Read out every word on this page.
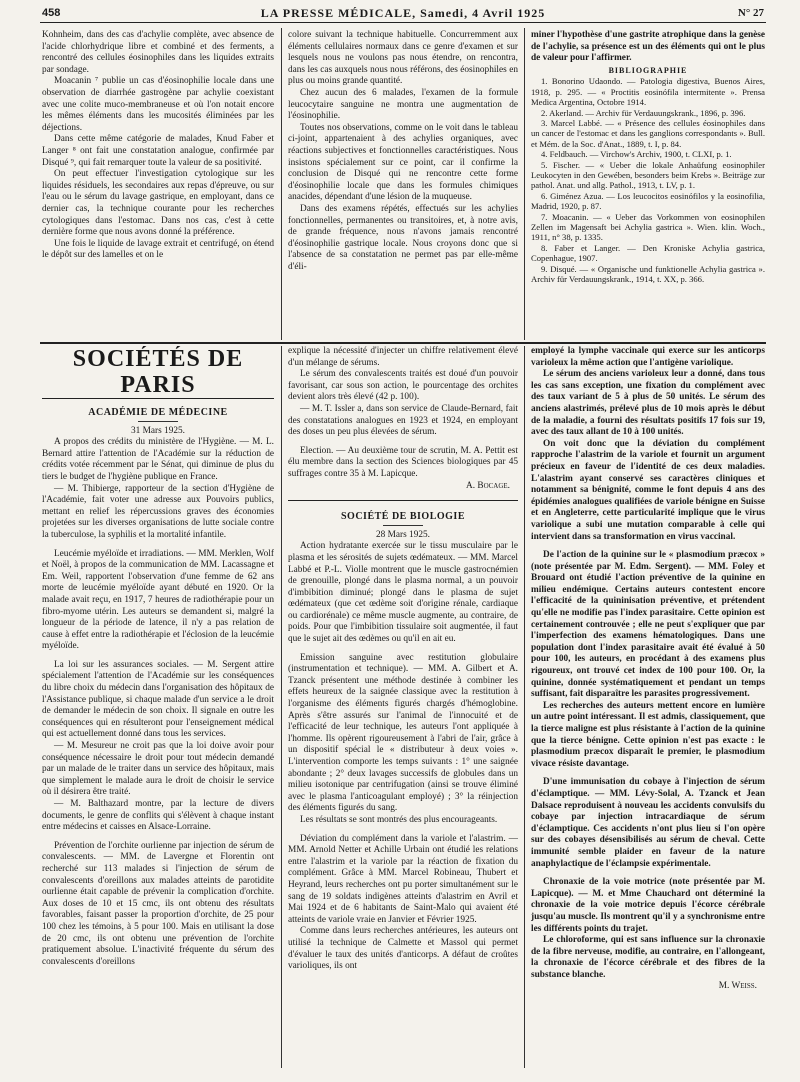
458	LA PRESSE MÉDICALE, Samedi, 4 Avril 1925	N° 27

Kohnheim, dans des cas d'achylie complète, avec absence de l'acide chlorhydrique libre et combiné et des ferments, a rencontré des cellules éosinophiles dans les liquides extraits par sondage.

Moacanin ⁷ publie un cas d'éosinophilie locale dans une observation de diarrhée gastrogène par achylie coexistant avec une colite muco-membraneuse et où l'on notait encore les mêmes éléments dans les mucosités éliminées par les déjections.

Dans cette même catégorie de malades, Knud Faber et Langer ⁸ ont fait une constatation analogue, confirmée par Disqué ⁹, qui fait remarquer toute la valeur de sa positivité.

On peut effectuer l'investigation cytologique sur les liquides résiduels, les secondaires aux repas d'épreuve, ou sur l'eau ou le sérum du lavage gastrique, en employant, dans ce dernier cas, la technique courante pour les recherches cytologiques dans l'estomac. Dans nos cas, c'est à cette dernière forme que nous avons donné la préférence.

Une fois le liquide de lavage extrait et centrifugé, on étend le dépôt sur des lamelles et on le

colore suivant la technique habituelle. Concurremment aux éléments cellulaires normaux dans ce genre d'examen et sur lesquels nous ne voulons pas nous étendre, on rencontra, dans les cas auxquels nous nous référons, des éosinophiles en plus ou moins grande quantité.

Chez aucun des 6 malades, l'examen de la formule leucocytaire sanguine ne montra une augmentation de l'éosinophilie.

Toutes nos observations, comme on le voit dans le tableau ci-joint, appartenaient à des achylies organiques, avec réactions subjectives et fonctionnelles caractéristiques. Nous insistons spécialement sur ce point, car il confirme la conclusion de Disqué qui ne rencontre cette forme d'éosinophilie locale que dans les formules chimiques anacides, dépendant d'une lésion de la muqueuse.

Dans des examens répétés, effectués sur les achylies fonctionnelles, permanentes ou transitoires, et, à notre avis, de grande fréquence, nous n'avons jamais rencontré d'éosinophilie gastrique locale. Nous croyons donc que si l'absence de sa constatation ne permet pas par elle-même d'éli-

miner l'hypothèse d'une gastrite atrophique dans la genèse de l'achylie, sa présence est un des éléments qui ont le plus de valeur pour l'affirmer.

BIBLIOGRAPHIE

1. Bonorino Udaondo. — Patologia digestiva, Buenos Aires, 1918, p. 295. — « Proctitis eosinófila intermitente ». Prensa Medica Argentina, Octobre 1914.

2. Akerland. — Archiv für Verdauungskrank., 1896, p. 396.

3. Marcel Labbé. — « Présence des cellules éosinophiles dans un cancer de l'estomac et dans les ganglions correspondants ». Bull. et Mém. de la Soc. d'Anat., 1889, t. I, p. 84.

4. Feldbauch. — Virchow's Archiv, 1900, t. CLXI, p. 1.

5. Fischer. — « Ueber die lokale Anhaüfung eosinophiler Leukocyten in den Gewében, besonders beim Krebs ». Beiträge zur pathol. Anat. und allg. Pathol., 1913, t. LV, p. 1.

6. Giménez Azua. — Los leucocitos eosinófilos y la eosinofilia, Madrid, 1920, p. 87.

7. Moacanin. — « Ueber das Vorkommen von eosinophilen Zellen im Magensaft bei Achylia gastrica ». Wien. klin. Woch., 1911, n° 38, p. 1335.

8. Faber et Langer. — Den Kroniske Achylia gastrica, Copenhague, 1907.

9. Disqué. — « Organische und funktionelle Achylia gastrica ». Archiv für Verdauungskrank., 1914, t. XX, p. 366.

SOCIÉTÉS DE PARIS

ACADÉMIE DE MÉDECINE

31 Mars 1925.

A propos des crédits du ministère de l'Hygiène. — M. L. Bernard attire l'attention de l'Académie sur la réduction de crédits votée récemment par le Sénat, qui diminue de plus du tiers le budget de l'hygiène publique en France.

— M. Thibierge, rapporteur de la section d'Hygiène de l'Académie, fait voter une adresse aux Pouvoirs publics, mettant en relief les répercussions graves des économies projetées sur les diverses organisations de lutte sociale contre la tuberculose, la syphilis et la mortalité infantile.

Leucémie myéloïde et irradiations. — MM. Merklen, Wolf et Noël, à propos de la communication de MM. Lacassagne et Em. Weil, rapportent l'observation d'une femme de 62 ans morte de leucémie myéloïde ayant débuté en 1920. Or la malade avait reçu, en 1917, 7 heures de radiothérapie pour un fibro-myome utérin. Les auteurs se demandent si, malgré la longueur de la période de latence, il n'y a pas relation de cause à effet entre la radiothérapie et l'éclosion de la leucémie myéloïde.

La loi sur les assurances sociales. — M. Sergent attire spécialement l'attention de l'Académie sur les conséquences du libre choix du médecin dans l'organisation des hôpitaux de l'Assistance publique, si chaque malade d'un service a le droit de demander le médecin de son choix. Il signale en outre les conséquences qui en résulteront pour l'enseignement médical qui est actuellement donné dans tous les services.

— M. Mesureur ne croit pas que la loi doive avoir pour conséquence nécessaire le droit pour tout médecin demandé par un malade de le traiter dans un service des hôpitaux, mais que simplement le malade aura le droit de choisir le service où il désirera être traité.

— M. Balthazard montre, par la lecture de divers documents, le genre de conflits qui s'élèvent à chaque instant entre médecins et caisses en Alsace-Lorraine.

Prévention de l'orchite ourlienne par injection de sérum de convalescents. — MM. de Lavergne et Florentin ont recherché sur 113 malades si l'injection de sérum de convalescents d'oreillons aux malades atteints de parotidite ourlienne était capable de prévenir la complication d'orchite. Aux doses de 10 et 15 cmc, ils ont obtenu des résultats favorables, faisant passer la proportion d'orchite, de 25 pour 100 chez les témoins, à 5 pour 100. Mais en utilisant la dose de 20 cmc, ils ont obtenu une prévention de l'orchite pratiquement absolue. L'inactivité fréquente du sérum des convalescents d'oreillons

explique la nécessité d'injecter un chiffre relativement élevé d'un mélange de sérums.

Le sérum des convalescents traités est doué d'un pouvoir favorisant, car sous son action, le pourcentage des orchites devient alors très élevé (42 p. 100).

— M. T. Issler a, dans son service de Claude-Bernard, fait des constatations analogues en 1923 et 1924, en employant des doses un peu plus élevées de sérum.

Election. — Au deuxième tour de scrutin, M. A. Pettit est élu membre dans la section des Sciences biologiques par 45 suffrages contre 35 à M. Lapicque.

A. Bocage.

SOCIÉTÉ DE BIOLOGIE

28 Mars 1925.

Action hydratante exercée sur le tissu musculaire par le plasma et les sérosités de sujets œdémateux. — MM. Marcel Labbé et P.-L. Violle montrent que le muscle gastrocnémien de grenouille, plongé dans le plasma normal, a un pouvoir d'imbibition diminué; plongé dans le plasma de sujet œdémateux (que cet œdème soit d'origine rénale, cardiaque ou cardiorénale) ce même muscle augmente, au contraire, de poids. Pour que l'imbibition tissulaire soit augmentée, il faut que le sujet ait des œdèmes ou qu'il en ait eu.

Emission sanguine avec restitution globulaire (instrumentation et technique). — MM. A. Gilbert et A. Tzanck présentent une méthode destinée à combiner les effets heureux de la saignée classique avec la restitution à l'organisme des éléments figurés chargés d'hémoglobine. Après s'être assurés sur l'animal de l'innocuité et de l'efficacité de leur technique, les auteurs l'ont appliquée à l'homme. Ils opèrent rigoureusement à l'abri de l'air, grâce à un dispositif spécial le « distributeur à deux voies ». L'intervention comporte les temps suivants : 1° une saignée abondante ; 2° deux lavages successifs de globules dans un milieu isotonique par centrifugation (ainsi se trouve éliminé avec le plasma l'anticoagulant employé) ; 3° la réinjection des éléments figurés du sang.

Les résultats se sont montrés des plus encourageants.

Déviation du complément dans la variole et l'alastrim. — MM. Arnold Netter et Achille Urbain ont étudié les relations entre l'alastrim et la variole par la réaction de fixation du complément. Grâce à MM. Marcel Robineau, Thubert et Heyrand, leurs recherches ont pu porter simultanément sur le sang de 19 soldats indigènes atteints d'alastrim en Avril et Mai 1924 et de 6 habitants de Saint-Malo qui avaient été atteints de variole vraie en Janvier et Février 1925.

Comme dans leurs recherches antérieures, les auteurs ont utilisé la technique de Calmette et Massol qui permet d'évaluer le taux des unités d'anticorps. A défaut de croûtes varioliques, ils ont

employé la lymphe vaccinale qui exerce sur les anticorps varioleux la même action que l'antigène variolique.

Le sérum des anciens varioleux leur a donné, dans tous les cas sans exception, une fixation du complément avec des taux variant de 5 à plus de 50 unités. Le sérum des anciens alastrimés, prélevé plus de 10 mois après le début de la maladie, a fourni des résultats positifs 17 fois sur 19, avec des taux allant de 10 à 100 unités.

On voit donc que la déviation du complément rapproche l'alastrim de la variole et fournit un argument précieux en faveur de l'identité de ces deux maladies. L'alastrim ayant conservé ses caractères cliniques et notamment sa bénignité, comme le font depuis 4 ans des épidémies analogues qualifiées de variole bénigne en Suisse et en Angleterre, cette particularité implique que le virus variolique a subi une mutation comparable à celle qui intervient dans sa transformation en virus vaccinal.

De l'action de la quinine sur le « plasmodium præcox » (note présentée par M. Edm. Sergent). — MM. Foley et Brouard ont étudié l'action préventive de la quinine en milieu endémique. Certains auteurs contestent encore l'efficacité de la quininisation préventive, et prétendent qu'elle ne modifie pas l'index parasitaire. Cette opinion est certainement controuvée ; elle ne peut s'expliquer que par l'imperfection des examens hématologiques. Dans une population dont l'index parasitaire avait été évalué à 50 pour 100, les auteurs, en procédant à des examens plus rigoureux, ont trouvé cet index de 100 pour 100. Or, la quinine, donnée systématiquement et pendant un temps suffisant, fait disparaître les parasites progressivement.

Les recherches des auteurs mettent encore en lumière un autre point intéressant. Il est admis, classiquement, que la tierce maligne est plus résistante à l'action de la quinine que la tierce bénigne. Cette opinion n'est pas exacte : le plasmodium præcox disparaît le premier, le plasmodium vivace résiste davantage.

D'une immunisation du cobaye à l'injection de sérum d'éclamptique. — MM. Lévy-Solal, A. Tzanck et Jean Dalsace reproduisent à nouveau les accidents convulsifs du cobaye par injection intracardiaque de sérum d'éclamptique. Ces accidents n'ont plus lieu si l'on opère sur des cobayes désensibilisés au sérum de cheval. Cette immunité semble plaider en faveur de la nature anaphylactique de l'éclampsie expérimentale.

Chronaxie de la voie motrice (note présentée par M. Lapicque). — M. et Mme Chauchard ont déterminé la chronaxie de la voie motrice depuis l'écorce cérébrale jusqu'au muscle. Ils montrent qu'il y a synchronisme entre les différents points du trajet.

Le chloroforme, qui est sans influence sur la chronaxie de la fibre nerveuse, modifie, au contraire, en l'allongeant, la chronaxie de l'écorce cérébrale et des fibres de la substance blanche.

M. Weiss.
